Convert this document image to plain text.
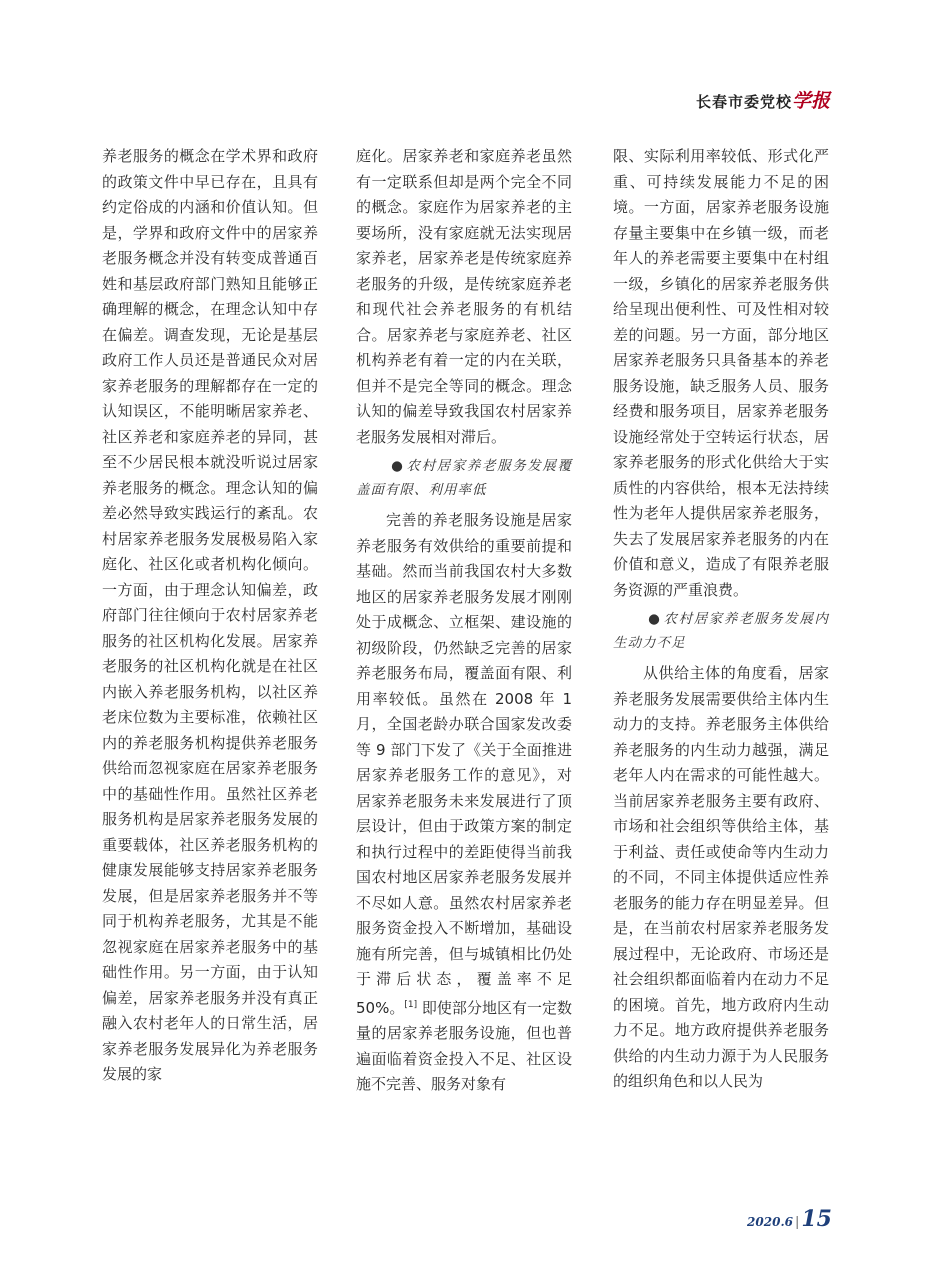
长春市委党校学报

养老服务的概念在学术界和政府的政策文件中早已存在，且具有约定俗成的内涵和价值认知。但是，学界和政府文件中的居家养老服务概念并没有转变成普通百姓和基层政府部门熟知且能够正确理解的概念，在理念认知中存在偏差。调查发现，无论是基层政府工作人员还是普通民众对居家养老服务的理解都存在一定的认知误区，不能明晰居家养老、社区养老和家庭养老的异同，甚至不少居民根本就没听说过居家养老服务的概念。理念认知的偏差必然导致实践运行的紊乱。农村居家养老服务发展极易陷入家庭化、社区化或者机构化倾向。一方面，由于理念认知偏差，政府部门往往倾向于农村居家养老服务的社区机构化发展。居家养老服务的社区机构化就是在社区内嵌入养老服务机构，以社区养老床位数为主要标准，依赖社区内的养老服务机构提供养老服务供给而忽视家庭在居家养老服务中的基础性作用。虽然社区养老服务机构是居家养老服务发展的重要载体，社区养老服务机构的健康发展能够支持居家养老服务发展，但是居家养老服务并不等同于机构养老服务，尤其是不能忽视家庭在居家养老服务中的基础性作用。另一方面，由于认知偏差，居家养老服务并没有真正融入农村老年人的日常生活，居家养老服务发展异化为养老服务发展的家

庭化。居家养老和家庭养老虽然有一定联系但却是两个完全不同的概念。家庭作为居家养老的主要场所，没有家庭就无法实现居家养老，居家养老是传统家庭养老服务的升级，是传统家庭养老和现代社会养老服务的有机结合。居家养老与家庭养老、社区机构养老有着一定的内在关联，但并不是完全等同的概念。理念认知的偏差导致我国农村居家养老服务发展相对滞后。

● 农村居家养老服务发展覆盖面有限、利用率低

完善的养老服务设施是居家养老服务有效供给的重要前提和基础。然而当前我国农村大多数地区的居家养老服务发展才刚刚处于成概念、立框架、建设施的初级阶段，仍然缺乏完善的居家养老服务布局，覆盖面有限、利用率较低。虽然在 2008 年 1 月，全国老龄办联合国家发改委等 9 部门下发了《关于全面推进居家养老服务工作的意见》，对居家养老服务未来发展进行了顶层设计，但由于政策方案的制定和执行过程中的差距使得当前我国农村地区居家养老服务发展并不尽如人意。虽然农村居家养老服务资金投入不断增加，基础设施有所完善，但与城镇相比仍处于滞后状态，覆盖率不足 50%。[1] 即使部分地区有一定数量的居家养老服务设施，但也普遍面临着资金投入不足、社区设施不完善、服务对象有

限、实际利用率较低、形式化严重、可持续发展能力不足的困境。一方面，居家养老服务设施存量主要集中在乡镇一级，而老年人的养老需要主要集中在村组一级，乡镇化的居家养老服务供给呈现出便利性、可及性相对较差的问题。另一方面，部分地区居家养老服务只具备基本的养老服务设施，缺乏服务人员、服务经费和服务项目，居家养老服务设施经常处于空转运行状态，居家养老服务的形式化供给大于实质性的内容供给，根本无法持续性为老年人提供居家养老服务，失去了发展居家养老服务的内在价值和意义，造成了有限养老服务资源的严重浪费。

● 农村居家养老服务发展内生动力不足

从供给主体的角度看，居家养老服务发展需要供给主体内生动力的支持。养老服务主体供给养老服务的内生动力越强，满足老年人内在需求的可能性越大。当前居家养老服务主要有政府、市场和社会组织等供给主体，基于利益、责任或使命等内生动力的不同，不同主体提供适应性养老服务的能力存在明显差异。但是，在当前农村居家养老服务发展过程中，无论政府、市场还是社会组织都面临着内在动力不足的困境。首先，地方政府内生动力不足。地方政府提供养老服务供给的内生动力源于为人民服务的组织角色和以人民为

2020.6 |15
